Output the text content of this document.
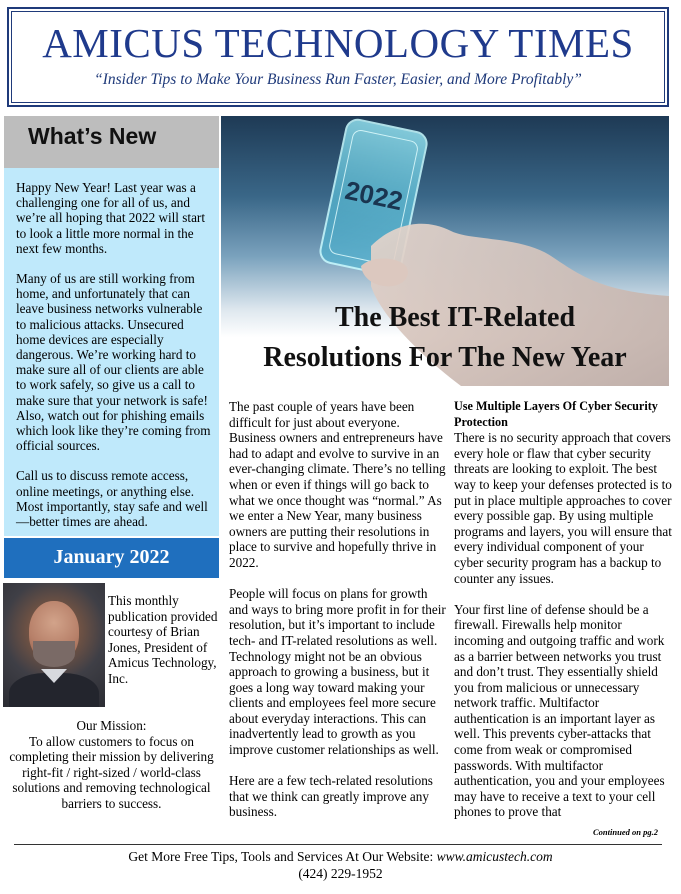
AMICUS TECHNOLOGY TIMES
“Insider Tips to Make Your Business Run Faster, Easier, and More Profitably”
What’s New

Happy New Year! Last year was a challenging one for all of us, and we’re all hoping that 2022 will start to look a little more normal in the next few months.

Many of us are still working from home, and unfortunately that can leave business networks vulnerable to malicious attacks. Unsecured home devices are especially dangerous. We’re working hard to make sure all of our clients are able to work safely, so give us a call to make sure that your network is safe! Also, watch out for phishing emails which look like they’re coming from official sources.

Call us to discuss remote access, online meetings, or anything else. Most importantly, stay safe and well—better times are ahead.

January 2022
This monthly publication provided courtesy of Brian Jones, President of Amicus Technology, Inc.
Our Mission:
To allow customers to focus on completing their mission by delivering right-fit / right-sized / world-class solutions and removing technological barriers to success.
2022
The Best IT-Related
Resolutions For The New Year

The past couple of years have been difficult for just about everyone. Business owners and entrepreneurs have had to adapt and evolve to survive in an ever-changing climate. There’s no telling when or even if things will go back to what we once thought was “normal.” As we enter a New Year, many business owners are putting their resolutions in place to survive and hopefully thrive in 2022.

People will focus on plans for growth and ways to bring more profit in for their resolution, but it’s important to include tech- and IT-related resolutions as well. Technology might not be an obvious approach to growing a business, but it goes a long way toward making your clients and employees feel more secure about everyday interactions. This can inadvertently lead to growth as you improve customer relationships as well.

Here are a few tech-related resolutions that we think can greatly improve any business.

Use Multiple Layers Of Cyber Security Protection

There is no security approach that covers every hole or flaw that cyber security threats are looking to exploit. The best way to keep your defenses protected is to put in place multiple approaches to cover every possible gap. By using multiple programs and layers, you will ensure that every individual component of your cyber security program has a backup to counter any issues.

Your first line of defense should be a firewall. Firewalls help monitor incoming and outgoing traffic and work as a barrier between networks you trust and don’t trust. They essentially shield you from malicious or unnecessary network traffic. Multifactor authentication is an important layer as well. This prevents cyber-attacks that come from weak or compromised passwords. With multifactor authentication, you and your employees may have to receive a text to your cell phones to prove that

Continued on pg.2
Get More Free Tips, Tools and Services At Our Website: www.amicustech.com
(424) 229-1952
